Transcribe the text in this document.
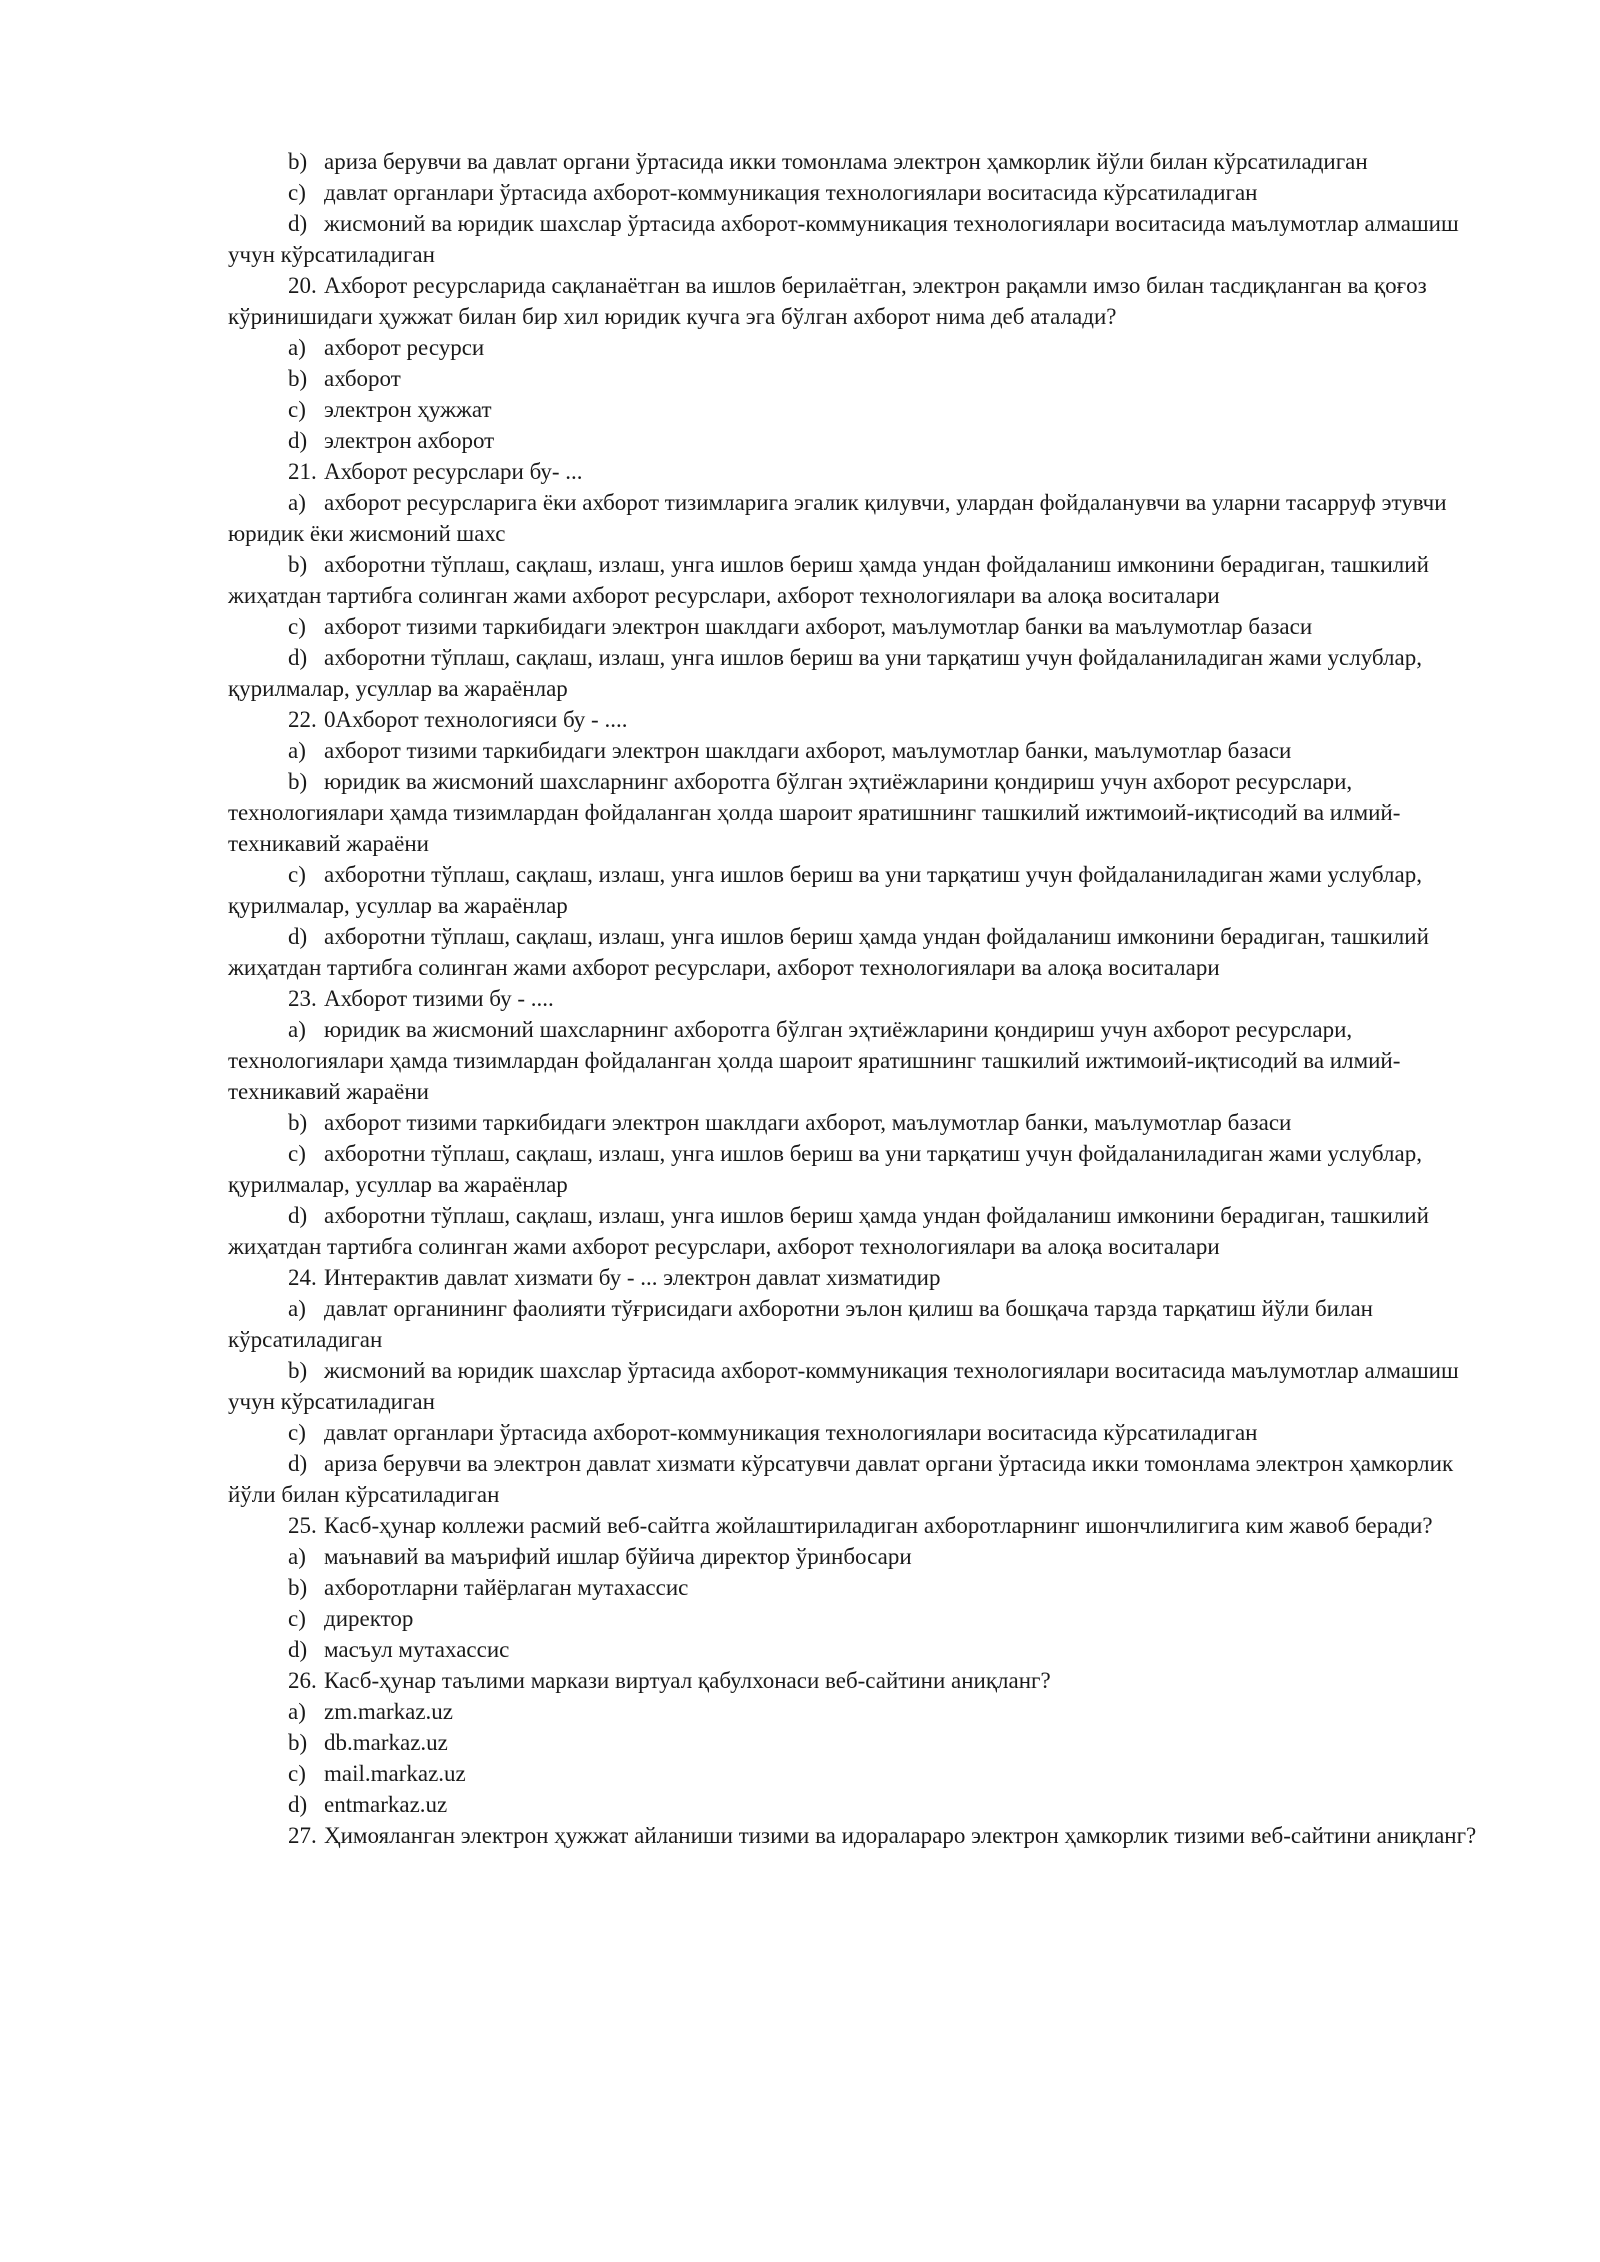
b) ариза берувчи ва давлат органи ўртасида икки томонлама электрон ҳамкорлик йўли билан кўрсатиладиган

c) давлат органлари ўртасида ахборот-коммуникация технологиялари воситасида кўрсатиладиган

d) жисмоний ва юридик шахслар ўртасида ахборот-коммуникация технологиялари воситасида маълумотлар алмашиш учун кўрсатиладиган

20. Ахборот ресурсларида сақланаётган ва ишлов берилаётган, электрон рақамли имзо билан тасдиқланган ва қоғоз кўринишидаги ҳужжат билан бир хил юридик кучга эга бўлган ахборот нима деб аталади?

a) ахборот ресурси

b) ахборот

c) электрон ҳужжат

d) электрон ахборот

21. Ахборот ресурслари бу- ...

a) ахборот ресурсларига ёки ахборот тизимларига эгалик қилувчи, улардан фойдаланувчи ва уларни тасарруф этувчи юридик ёки жисмоний шахс

b) ахборотни тўплаш, сақлаш, излаш, унга ишлов бериш ҳамда ундан фойдаланиш имконини берадиган, ташкилий жиҳатдан тартибга солинган жами ахборот ресурслари, ахборот технологиялари ва алоқа воситалари

c) ахборот тизими таркибидаги электрон шаклдаги ахборот, маълумотлар банки ва маълумотлар базаси

d) ахборотни тўплаш, сақлаш, излаш, унга ишлов бериш ва уни тарқатиш учун фойдаланиладиган жами услублар, қурилмалар, усуллар ва жараёнлар

22. 0Ахборот технологияси бу - ....

a) ахборот тизими таркибидаги электрон шаклдаги ахборот, маълумотлар банки, маълумотлар базаси

b) юридик ва жисмоний шахсларнинг ахборотга бўлган эҳтиёжларини қондириш учун ахборот ресурслари, технологиялари ҳамда тизимлардан фойдаланган ҳолда шароит яратишнинг ташкилий ижтимоий-иқтисодий ва илмий-техникавий жараёни

c) ахборотни тўплаш, сақлаш, излаш, унга ишлов бериш ва уни тарқатиш учун фойдаланиладиган жами услублар, қурилмалар, усуллар ва жараёнлар

d) ахборотни тўплаш, сақлаш, излаш, унга ишлов бериш ҳамда ундан фойдаланиш имконини берадиган, ташкилий жиҳатдан тартибга солинган жами ахборот ресурслари, ахборот технологиялари ва алоқа воситалари

23. Ахборот тизими бу - ....

a) юридик ва жисмоний шахсларнинг ахборотга бўлган эҳтиёжларини қондириш учун ахборот ресурслари, технологиялари ҳамда тизимлардан фойдаланган ҳолда шароит яратишнинг ташкилий ижтимоий-иқтисодий ва илмий-техникавий жараёни

b) ахборот тизими таркибидаги электрон шаклдаги ахборот, маълумотлар банки, маълумотлар базаси

c) ахборотни тўплаш, сақлаш, излаш, унга ишлов бериш ва уни тарқатиш учун фойдаланиладиган жами услублар, қурилмалар, усуллар ва жараёнлар

d) ахборотни тўплаш, сақлаш, излаш, унга ишлов бериш ҳамда ундан фойдаланиш имконини берадиган, ташкилий жиҳатдан тартибга солинган жами ахборот ресурслари, ахборот технологиялари ва алоқа воситалари

24. Интерактив давлат хизмати бу - ... электрон давлат хизматидир

a) давлат органининг фаолияти тўғрисидаги ахборотни эълон қилиш ва бошқача тарзда тарқатиш йўли билан кўрсатиладиган

b) жисмоний ва юридик шахслар ўртасида ахборот-коммуникация технологиялари воситасида маълумотлар алмашиш учун кўрсатиладиган

c) давлат органлари ўртасида ахборот-коммуникация технологиялари воситасида кўрсатиладиган

d) ариза берувчи ва электрон давлат хизмати кўрсатувчи давлат органи ўртасида икки томонлама электрон ҳамкорлик йўли билан кўрсатиладиган

25. Касб-ҳунар коллежи расмий веб-сайтга жойлаштириладиган ахборотларнинг ишончлилигига ким жавоб беради?

a) маънавий ва маърифий ишлар бўйича директор ўринбосари

b) ахборотларни тайёрлаган мутахассис

c) директор

d) масъул мутахассис

26. Касб-ҳунар таълими маркази виртуал қабулхонаси веб-сайтини аниқланг?

a) zm.markaz.uz

b) db.markaz.uz

c) mail.markaz.uz

d) entmarkaz.uz

27. Ҳимояланган электрон ҳужжат айланиши тизими ва идоралараро электрон ҳамкорлик тизими веб-сайтини аниқланг?
